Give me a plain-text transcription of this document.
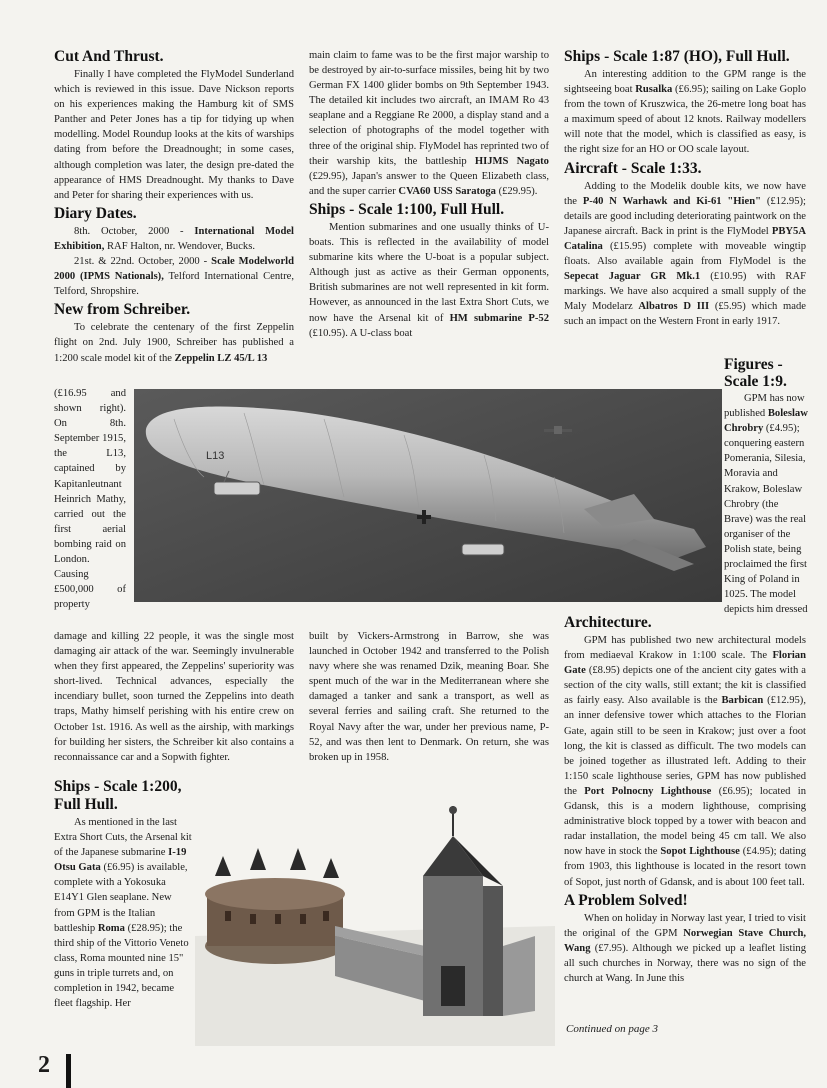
Cut And Thrust.

Finally I have completed the FlyModel Sunderland which is reviewed in this issue. Dave Nickson reports on his experiences making the Hamburg kit of SMS Panther and Peter Jones has a tip for tidying up when modelling. Model Roundup looks at the kits of warships dating from before the Dreadnought; in some cases, although completion was later, the design pre-dated the appearance of HMS Dreadnought. My thanks to Dave and Peter for sharing their experiences with us.

Diary Dates.

8th. October, 2000 - International Model Exhibition, RAF Halton, nr. Wendover, Bucks.

21st. & 22nd. October, 2000 - Scale Modelworld 2000 (IPMS Nationals), Telford International Centre, Telford, Shropshire.

New from Schreiber.

To celebrate the centenary of the first Zeppelin flight on 2nd. July 1900, Schreiber has published a 1:200 scale model kit of the Zeppelin LZ 45/L 13

(£16.95 and shown right). On 8th. September 1915, the L13, captained by Kapitanleutnant Heinrich Mathy, carried out the first aerial bombing raid on London. Causing £500,000 of property

damage and killing 22 people, it was the single most damaging air attack of the war. Seemingly invulnerable when they first appeared, the Zeppelins' superiority was short-lived. Technical advances, especially the incendiary bullet, soon turned the Zeppelins into death traps, Mathy himself perishing with his entire crew on October 1st. 1916. As well as the airship, with markings for building her sisters, the Schreiber kit also contains a reconnaissance car and a Sopwith fighter.

Ships - Scale 1:200, Full Hull.

As mentioned in the last Extra Short Cuts, the Arsenal kit of the Japanese submarine I-19 Otsu Gata (£6.95) is available, complete with a Yokosuka E14Y1 Glen seaplane. New from GPM is the Italian battleship Roma (£28.95); the third ship of the Vittorio Veneto class, Roma mounted nine 15" guns in triple turrets and, on completion in 1942, became fleet flagship. Her

main claim to fame was to be the first major warship to be destroyed by air-to-surface missiles, being hit by two German FX 1400 glider bombs on 9th September 1943. The detailed kit includes two aircraft, an IMAM Ro 43 seaplane and a Reggiane Re 2000, a display stand and a selection of photographs of the model together with three of the original ship. FlyModel has reprinted two of their warship kits, the battleship HIJMS Nagato (£29.95), Japan's answer to the Queen Elizabeth class, and the super carrier CVA60 USS Saratoga (£29.95).

Ships - Scale 1:100, Full Hull.

Mention submarines and one usually thinks of U-boats. This is reflected in the availability of model submarine kits where the U-boat is a popular subject. Although just as active as their German opponents, British submarines are not well represented in kit form. However, as announced in the last Extra Short Cuts, we now have the Arsenal kit of HM submarine P-52 (£10.95). A U-class boat

built by Vickers-Armstrong in Barrow, she was launched in October 1942 and transferred to the Polish navy where she was renamed Dzik, meaning Boar. She spent much of the war in the Mediterranean where she damaged a tanker and sank a transport, as well as several ferries and sailing craft. She returned to the Royal Navy after the war, under her previous name, P-52, and was then lent to Denmark. On return, she was broken up in 1958.

Ships - Scale 1:87 (HO), Full Hull.

An interesting addition to the GPM range is the sightseeing boat Rusalka (£6.95); sailing on Lake Goplo from the town of Kruszwica, the 26-metre long boat has a maximum speed of about 12 knots. Railway modellers will note that the model, which is classified as easy, is the right size for an HO or OO scale layout.

Aircraft - Scale 1:33.

Adding to the Modelik double kits, we now have the P-40 N Warhawk and Ki-61 "Hien" (£12.95); details are good including deteriorating paintwork on the Japanese aircraft. Back in print is the FlyModel PBY5A Catalina (£15.95) complete with moveable wingtip floats. Also available again from FlyModel is the Sepecat Jaguar GR Mk.1 (£10.95) with RAF markings. We have also acquired a small supply of the Maly Modelarz Albatros D III (£5.95) which made such an impact on the Western Front in early 1917.

Figures - Scale 1:9.

GPM has now published Boleslaw Chrobry (£4.95); conquering eastern Pomerania, Silesia, Moravia and Krakow, Boleslaw Chrobry (the Brave) was the real organiser of the Polish state, being proclaimed the first King of Poland in 1025. The model depicts him dressed

Architecture.

GPM has published two new architectural models from mediaeval Krakow in 1:100 scale. The Florian Gate (£8.95) depicts one of the ancient city gates with a section of the city walls, still extant; the kit is classified as fairly easy. Also available is the Barbican (£12.95), an inner defensive tower which attaches to the Florian Gate, again still to be seen in Krakow; just over a foot long, the kit is classed as difficult. The two models can be joined together as illustrated left. Adding to their 1:150 scale lighthouse series, GPM has now published the Port Polnocny Lighthouse (£6.95); located in Gdansk, this is a modern lighthouse, comprising administrative block topped by a tower with beacon and radar installation, the model being 45 cm tall. We also now have in stock the Sopot Lighthouse (£4.95); dating from 1903, this lighthouse is located in the resort town of Sopot, just north of Gdansk, and is about 100 feet tall.

A Problem Solved!

When on holiday in Norway last year, I tried to visit the original of the GPM Norwegian Stave Church, Wang (£7.95). Although we picked up a leaflet listing all such churches in Norway, there was no sign of the church at Wang. In June this

Continued on page 3
L13
2
